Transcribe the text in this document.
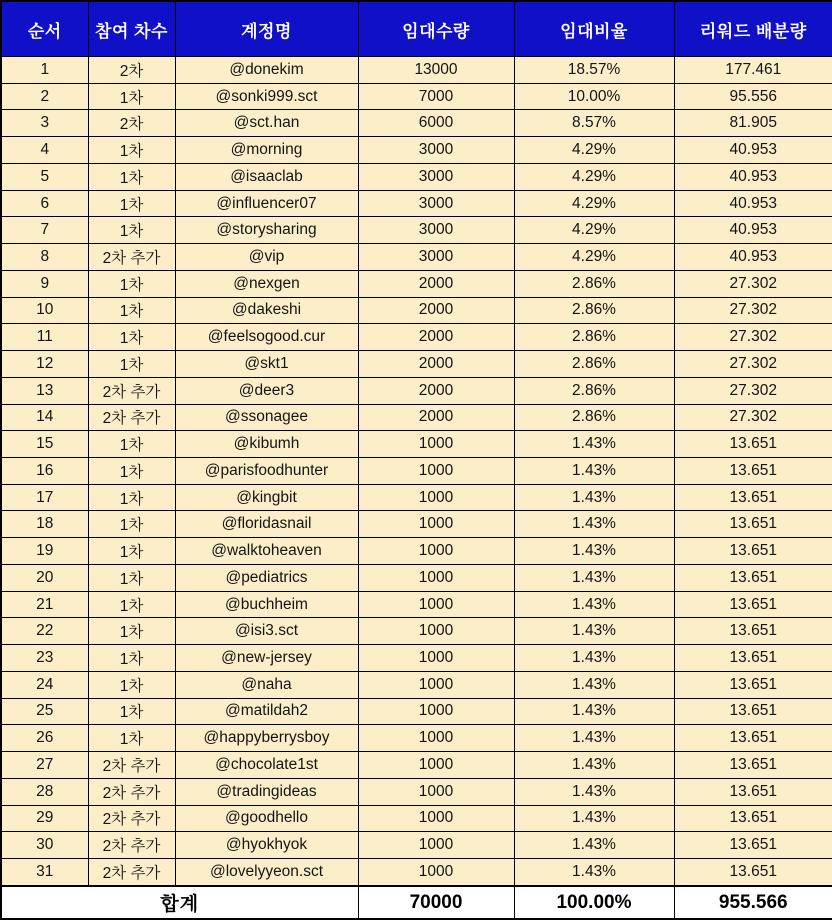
순서	참여 차수	계정명	임대수량	임대비율	리워드 배분량
1	2차	@donekim	13000	18.57%	177.461
2	1차	@sonki999.sct	7000	10.00%	95.556
3	2차	@sct.han	6000	8.57%	81.905
4	1차	@morning	3000	4.29%	40.953
5	1차	@isaaclab	3000	4.29%	40.953
6	1차	@influencer07	3000	4.29%	40.953
7	1차	@storysharing	3000	4.29%	40.953
8	2차 추가	@vip	3000	4.29%	40.953
9	1차	@nexgen	2000	2.86%	27.302
10	1차	@dakeshi	2000	2.86%	27.302
11	1차	@feelsogood.cur	2000	2.86%	27.302
12	1차	@skt1	2000	2.86%	27.302
13	2차 추가	@deer3	2000	2.86%	27.302
14	2차 추가	@ssonagee	2000	2.86%	27.302
15	1차	@kibumh	1000	1.43%	13.651
16	1차	@parisfoodhunter	1000	1.43%	13.651
17	1차	@kingbit	1000	1.43%	13.651
18	1차	@floridasnail	1000	1.43%	13.651
19	1차	@walktoheaven	1000	1.43%	13.651
20	1차	@pediatrics	1000	1.43%	13.651
21	1차	@buchheim	1000	1.43%	13.651
22	1차	@isi3.sct	1000	1.43%	13.651
23	1차	@new-jersey	1000	1.43%	13.651
24	1차	@naha	1000	1.43%	13.651
25	1차	@matildah2	1000	1.43%	13.651
26	1차	@happyberrysboy	1000	1.43%	13.651
27	2차 추가	@chocolate1st	1000	1.43%	13.651
28	2차 추가	@tradingideas	1000	1.43%	13.651
29	2차 추가	@goodhello	1000	1.43%	13.651
30	2차 추가	@hyokhyok	1000	1.43%	13.651
31	2차 추가	@lovelyyeon.sct	1000	1.43%	13.651
합계			70000	100.00%	955.566
